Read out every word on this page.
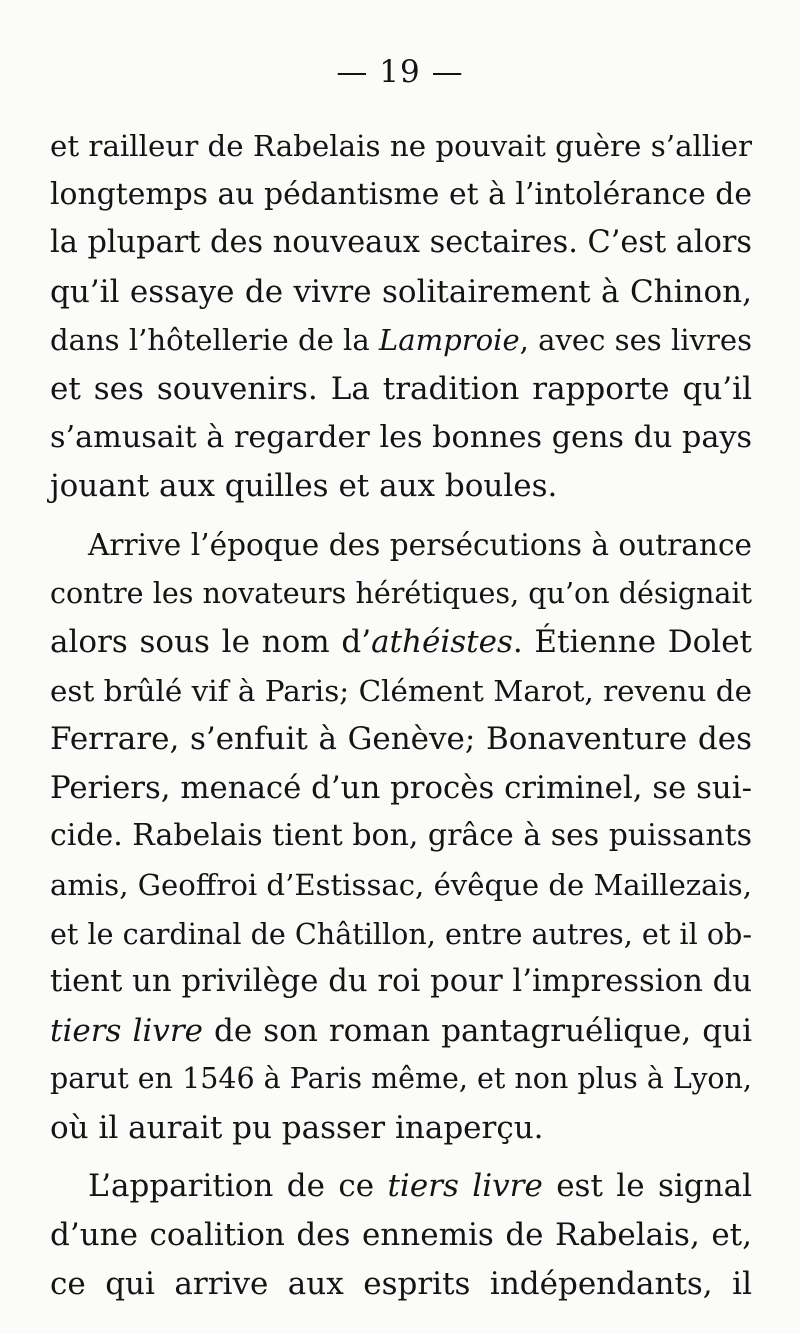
— 19 —
et railleur de Rabelais ne pouvait guère s’allier
longtemps au pédantisme et à l’intolérance de
la plupart des nouveaux sectaires. C’est alors
qu’il essaye de vivre solitairement à Chinon,
dans l’hôtellerie de la Lamproie, avec ses livres
et ses souvenirs. La tradition rapporte qu’il
s’amusait à regarder les bonnes gens du pays
jouant aux quilles et aux boules.
Arrive l’époque des persécutions à outrance
contre les novateurs hérétiques, qu’on désignait
alors sous le nom d’athéistes. Étienne Dolet
est brûlé vif à Paris; Clément Marot, revenu de
Ferrare, s’enfuit à Genève; Bonaventure des
Periers, menacé d’un procès criminel, se sui-
cide. Rabelais tient bon, grâce à ses puissants
amis, Geoffroi d’Estissac, évêque de Maillezais,
et le cardinal de Châtillon, entre autres, et il ob-
tient un privilège du roi pour l’impression du
tiers livre de son roman pantagruélique, qui
parut en 1546 à Paris même, et non plus à Lyon,
où il aurait pu passer inaperçu.
L’apparition de ce tiers livre est le signal
d’une coalition des ennemis de Rabelais, et,
ce qui arrive aux esprits indépendants, il
